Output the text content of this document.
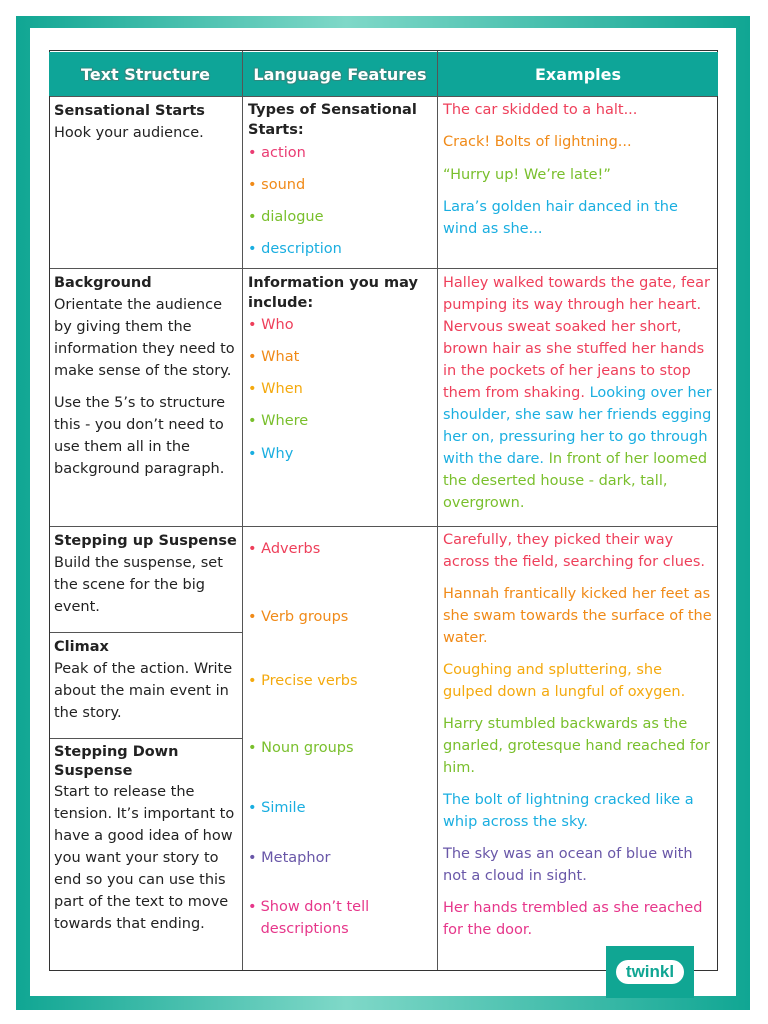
Text Structure	Language Features	Examples
Sensational Starts
Hook your audience.
Types of Sensational Starts:
• action
• sound
• dialogue
• description
The car skidded to a halt...
Crack! Bolts of lightning...
“Hurry up! We’re late!”
Lara’s golden hair danced in the wind as she...
Background
Orientate the audience by giving them the information they need to make sense of the story.
Use the 5’s to structure this - you don’t need to use them all in the background paragraph.
Information you may include:
• Who
• What
• When
• Where
• Why
Halley walked towards the gate, fear pumping its way through her heart. Nervous sweat soaked her short, brown hair as she stuffed her hands in the pockets of her jeans to stop them from shaking. Looking over her shoulder, she saw her friends egging her on, pressuring her to go through with the dare. In front of her loomed the deserted house - dark, tall, overgrown.
Stepping up Suspense
Build the suspense, set the scene for the big event.
Climax
Peak of the action. Write about the main event in the story.
Stepping Down Suspense
Start to release the tension. It’s important to have a good idea of how you want your story to end so you can use this part of the text to move towards that ending.
• Adverbs
• Verb groups
• Precise verbs
• Noun groups
• Simile
• Metaphor
• Show don’t tell descriptions
Carefully, they picked their way across the field, searching for clues.
Hannah frantically kicked her feet as she swam towards the surface of the water.
Coughing and spluttering, she gulped down a lungful of oxygen.
Harry stumbled backwards as the gnarled, grotesque hand reached for him.
The bolt of lightning cracked like a whip across the sky.
The sky was an ocean of blue with not a cloud in sight.
Her hands trembled as she reached for the door.
twinkl
